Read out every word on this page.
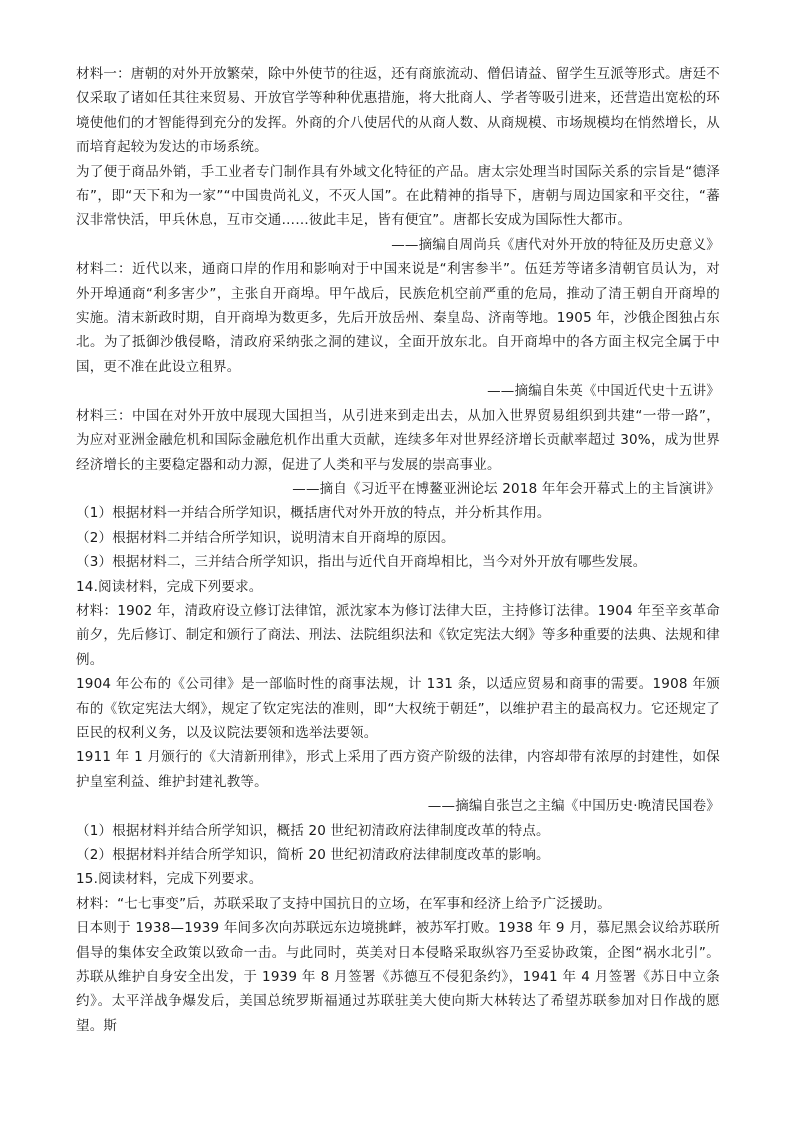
材料一：唐朝的对外开放繁荣，除中外使节的往返，还有商旅流动、僧侣请益、留学生互派等形式。唐廷不仅采取了诸如任其往来贸易、开放官学等种种优惠措施，将大批商人、学者等吸引进来，还营造出宽松的环境使他们的才智能得到充分的发挥。外商的介八使居代的从商人数、从商规模、市场规模均在悄然增长，从而培育起较为发达的市场系统。

为了便于商品外销，手工业者专门制作具有外域文化特征的产品。唐太宗处理当时国际关系的宗旨是“德泽布”，即“天下和为一家”“中国贵尚礼义，不灭人国”。在此精神的指导下，唐朝与周边国家和平交往，“蕃汉非常快活，甲兵休息，互市交通……彼此丰足，皆有便宜”。唐都长安成为国际性大都市。

——摘编自周尚兵《唐代对外开放的特征及历史意义》

材料二：近代以来，通商口岸的作用和影响对于中国来说是“利害参半”。伍廷芳等诸多清朝官员认为，对外开埠通商“利多害少”，主张自开商埠。甲午战后，民族危机空前严重的危局，推动了清王朝自开商埠的实施。清末新政时期，自开商埠为数更多，先后开放岳州、秦皇岛、济南等地。1905 年，沙俄企图独占东北。为了抵御沙俄侵略，清政府采纳张之洞的建议，全面开放东北。自开商埠中的各方面主权完全属于中国，更不准在此设立租界。

——摘编自朱英《中国近代史十五讲》

材料三：中国在对外开放中展现大国担当，从引进来到走出去，从加入世界贸易组织到共建“一带一路”，为应对亚洲金融危机和国际金融危机作出重大贡献，连续多年对世界经济增长贡献率超过 30%，成为世界经济增长的主要稳定器和动力源，促进了人类和平与发展的崇高事业。

——摘自《习近平在博鳌亚洲论坛 2018 年年会开幕式上的主旨演讲》

（1）根据材料一并结合所学知识，概括唐代对外开放的特点，并分析其作用。

（2）根据材料二并结合所学知识，说明清末自开商埠的原因。

（3）根据材料二，三并结合所学知识，指出与近代自开商埠相比，当今对外开放有哪些发展。

14.阅读材料，完成下列要求。

材料：1902 年，清政府设立修订法律馆，派沈家本为修订法律大臣，主持修订法律。1904 年至辛亥革命前夕，先后修订、制定和颁行了商法、刑法、法院组织法和《钦定宪法大纲》等多种重要的法典、法规和律例。

1904 年公布的《公司律》是一部临时性的商事法规，计 131 条，以适应贸易和商事的需要。1908 年颁布的《钦定宪法大纲》，规定了钦定宪法的准则，即“大权统于朝廷”，以维护君主的最高权力。它还规定了臣民的权利义务，以及议院法要领和选举法要领。

1911 年 1 月颁行的《大清新刑律》，形式上采用了西方资产阶级的法律，内容却带有浓厚的封建性，如保护皇室利益、维护封建礼教等。

——摘编自张岂之主编《中国历史·晚清民国卷》

（1）根据材料并结合所学知识，概括 20 世纪初清政府法律制度改革的特点。

（2）根据材料并结合所学知识，简析 20 世纪初清政府法律制度改革的影响。

15.阅读材料，完成下列要求。

材料：“七七事变”后，苏联采取了支持中国抗日的立场，在军事和经济上给予广泛援助。

日本则于 1938—1939 年间多次向苏联远东边境挑衅，被苏军打败。1938 年 9 月，慕尼黑会议给苏联所倡导的集体安全政策以致命一击。与此同时，英美对日本侵略采取纵容乃至妥协政策，企图“祸水北引”。苏联从维护自身安全出发，于 1939 年 8 月签署《苏德互不侵犯条约》，1941 年 4 月签署《苏日中立条约》。太平洋战争爆发后，美国总统罗斯福通过苏联驻美大使向斯大林转达了希望苏联参加对日作战的愿望。斯
